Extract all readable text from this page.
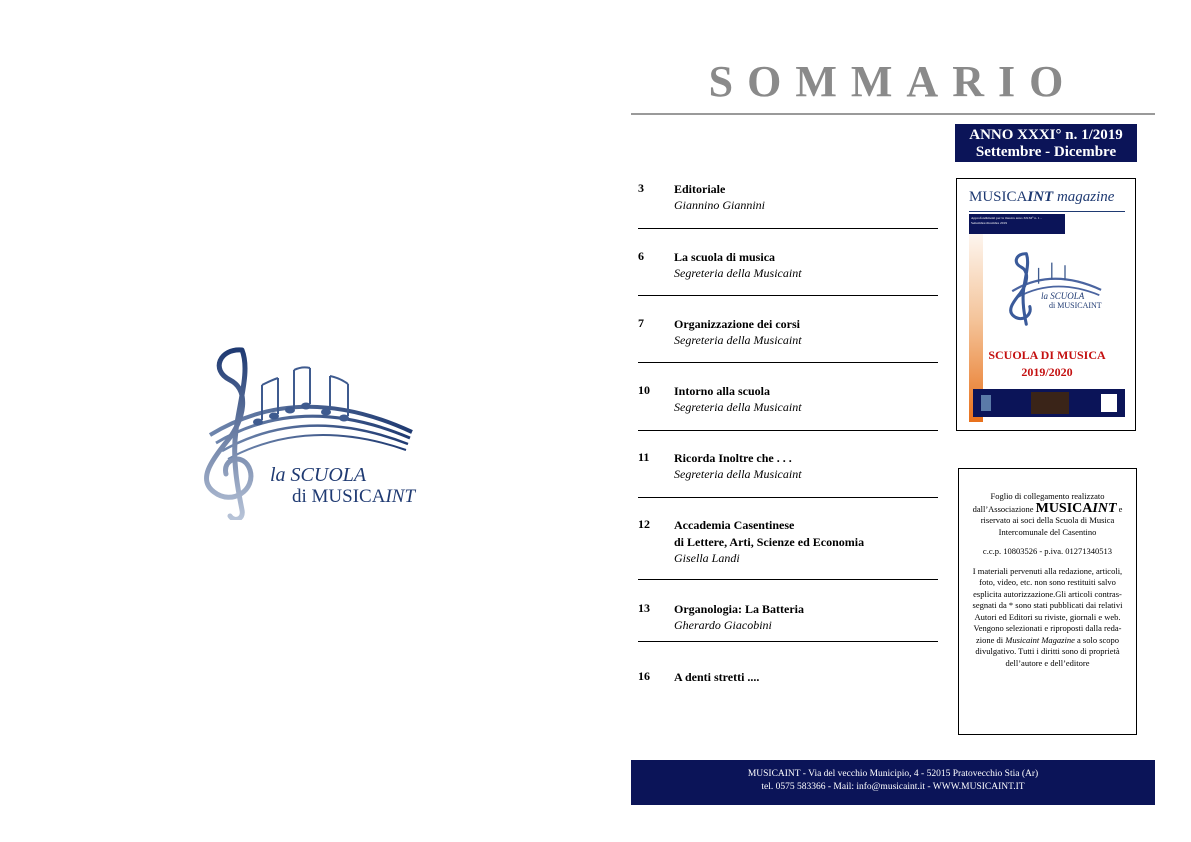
la SCUOLA
di MUSICAINT
SOMMARIO
ANNO XXXI° n. 1/2019
Settembre - Dicembre
3	Editoriale
Giannino Giannini
6	La scuola di musica
Segreteria della Musicaint
7	Organizzazione dei corsi
Segreteria della Musicaint
10 Intorno alla scuola
Segreteria della Musicaint
11 Ricorda Inoltre che . . .
Segreteria della Musicaint
12 Accademia Casentinese
di Lettere, Arti, Scienze ed Economia
Gisella Landi
13 Organologia: La Batteria
Gherardo Giacobini
16 A denti stretti ....
MUSICAINT magazine
Approfondimenti per la musica anno XXXI° n. 1 - Settembre/dicembre 2019
la SCUOLA
di MUSICAINT
SCUOLA DI MUSICA
2019/2020

Foglio di collegamento realizzato dall’Associazione MUSICAINT e riservato ai soci della Scuola di Musica Intercomunale del Casentino

c.c.p. 10803526 - p.iva. 01271340513

I materiali pervenuti alla redazione, articoli, foto, video, etc. non sono restituiti salvo esplicita autorizzazione.Gli articoli contras-segnati da * sono stati pubblicati dai relativi Autori ed Editori su riviste, giornali e web. Vengono selezionati e riproposti dalla reda-zione di Musicaint Magazine a solo scopo divulgativo. Tutti i diritti sono di proprietà dell’autore e dell’editore

MUSICAINT - Via del vecchio Municipio, 4 - 52015 Pratovecchio Stia (Ar)
tel. 0575 583366 - Mail: info@musicaint.it - WWW.MUSICAINT.IT
